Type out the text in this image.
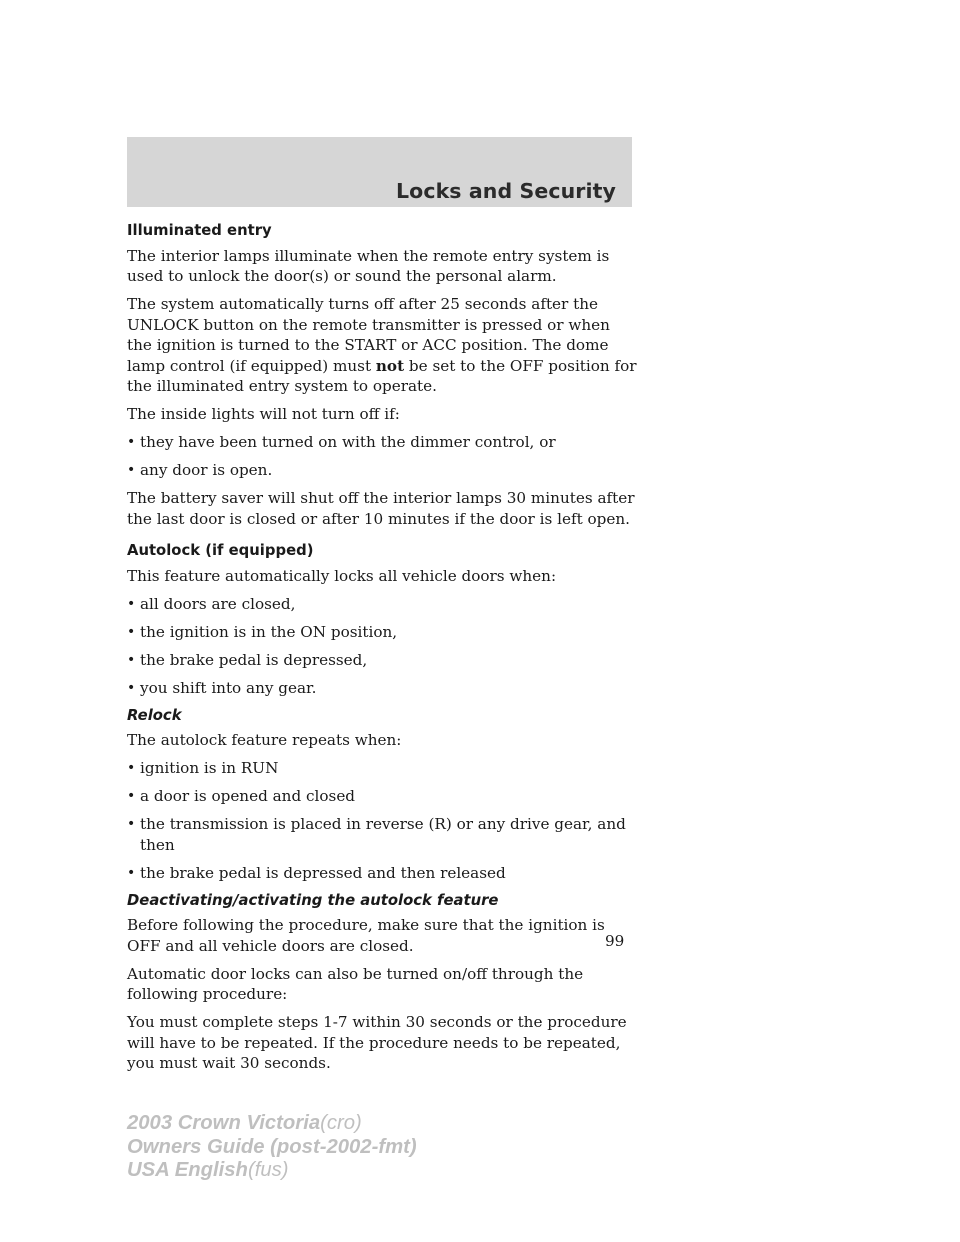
Locks and Security
Illuminated entry

The interior lamps illuminate when the remote entry system is used to unlock the door(s) or sound the personal alarm.

The system automatically turns off after 25 seconds after the UNLOCK button on the remote transmitter is pressed or when the ignition is turned to the START or ACC position. The dome lamp control (if equipped) must not be set to the OFF position for the illuminated entry system to operate.

The inside lights will not turn off if:

• they have been turned on with the dimmer control, or
• any door is open.

The battery saver will shut off the interior lamps 30 minutes after the last door is closed or after 10 minutes if the door is left open.

Autolock (if equipped)

This feature automatically locks all vehicle doors when:

• all doors are closed,
• the ignition is in the ON position,
• the brake pedal is depressed,
• you shift into any gear.
Relock

The autolock feature repeats when:

• ignition is in RUN
• a door is opened and closed
• the transmission is placed in reverse (R) or any drive gear, and then
• the brake pedal is depressed and then released
Deactivating/activating the autolock feature

Before following the procedure, make sure that the ignition is OFF and all vehicle doors are closed.

Automatic door locks can also be turned on/off through the following procedure:

You must complete steps 1-7 within 30 seconds or the procedure will have to be repeated. If the procedure needs to be repeated, you must wait 30 seconds.

99
2003 Crown Victoria(cro)
Owners Guide (post-2002-fmt)
USA English(fus)
